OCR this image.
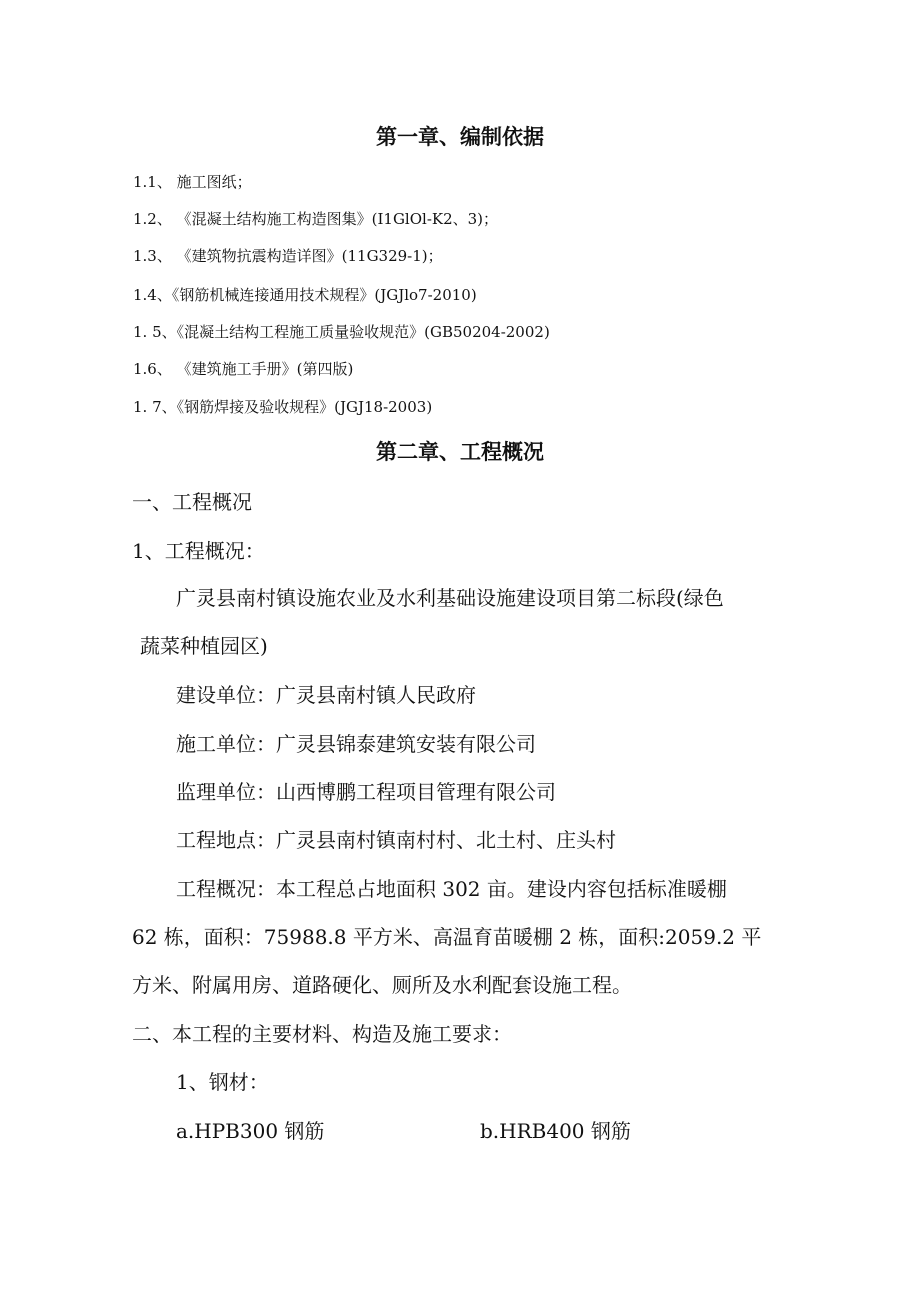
第一章、编制依据
1.1、 施工图纸；
1.2、 《混凝土结构施工构造图集》(I1GlOl-K2、3)；
1.3、 《建筑物抗震构造详图》(11G329-1)；
1.4、《钢筋机械连接通用技术规程》(JGJlo7-2010)
1. 5、《混凝土结构工程施工质量验收规范》(GB50204-2002)
1.6、 《建筑施工手册》(第四版)
1. 7、《钢筋焊接及验收规程》(JGJ18-2003)
第二章、工程概况
一、工程概况
1、工程概况：
广灵县南村镇设施农业及水利基础设施建设项目第二标段(绿色
蔬菜种植园区)
建设单位：广灵县南村镇人民政府
施工单位：广灵县锦泰建筑安装有限公司
监理单位：山西博鹏工程项目管理有限公司
工程地点：广灵县南村镇南村村、北土村、庄头村
工程概况：本工程总占地面积 302 亩。建设内容包括标准暖棚
62 栋，面积：75988.8 平方米、高温育苗暖棚 2 栋，面积:2059.2 平
方米、附属用房、道路硬化、厕所及水利配套设施工程。
二、本工程的主要材料、构造及施工要求：
1、钢材：
a.HPB300 钢筋	b.HRB400 钢筋
